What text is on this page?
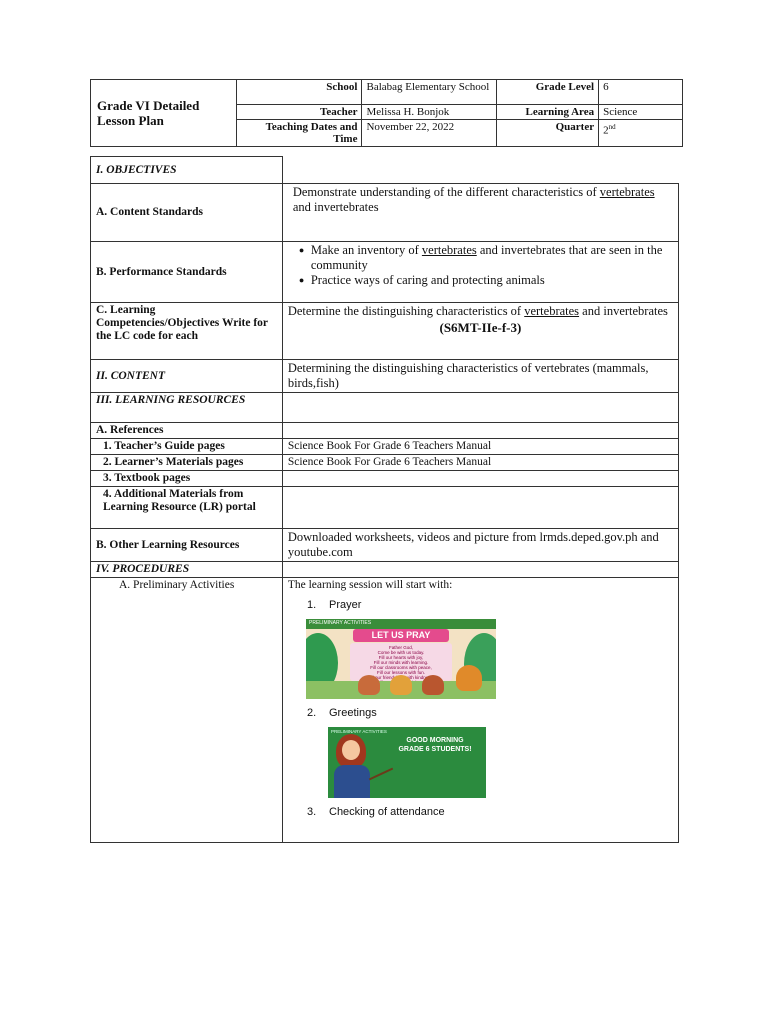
Grade VI Detailed Lesson Plan	School	Balabag Elementary School	Grade Level	6
	Teacher	Melissa H. Bonjok	Learning Area	Science
	Teaching Dates and Time	November 22, 2022	Quarter	2nd
I. OBJECTIVES	
A. Content Standards	Demonstrate understanding of the different characteristics of vertebrates and invertebrates
B. Performance Standards	● Make an inventory of vertebrates and invertebrates that are seen in the community
● Practice ways of caring and protecting animals

C. Learning Competencies/Objectives Write for the LC code for each	Determine the distinguishing characteristics of vertebrates and invertebrates
(S6MT-IIe-f-3)

II. CONTENT	Determining the distinguishing characteristics of vertebrates (mammals, birds,fish)
III. LEARNING RESOURCES	
A. References	
1. Teacher’s Guide pages	Science Book For Grade 6 Teachers Manual
2. Learner’s Materials pages	Science Book For Grade 6 Teachers Manual
3. Textbook pages	
4. Additional Materials from Learning Resource (LR) portal	
B. Other Learning Resources	Downloaded worksheets, videos and picture from lrmds.deped.gov.ph and youtube.com
IV. PROCEDURES	
A. Preliminary Activities	The learning session will start with:
1. Prayer
2. Greetings
3. Checking of attendance
PRELIMINARY ACTIVITIES
LET US PRAY
Father God,
Come be with us today.
Fill our hearts with joy,
Fill our minds with learning.
Fill our classrooms with peace,
Fill our lessons with fun.
our with
PRELIMINARY ACTIVITIES
GOOD MORNING
GRADE 6 STUDENTS!
